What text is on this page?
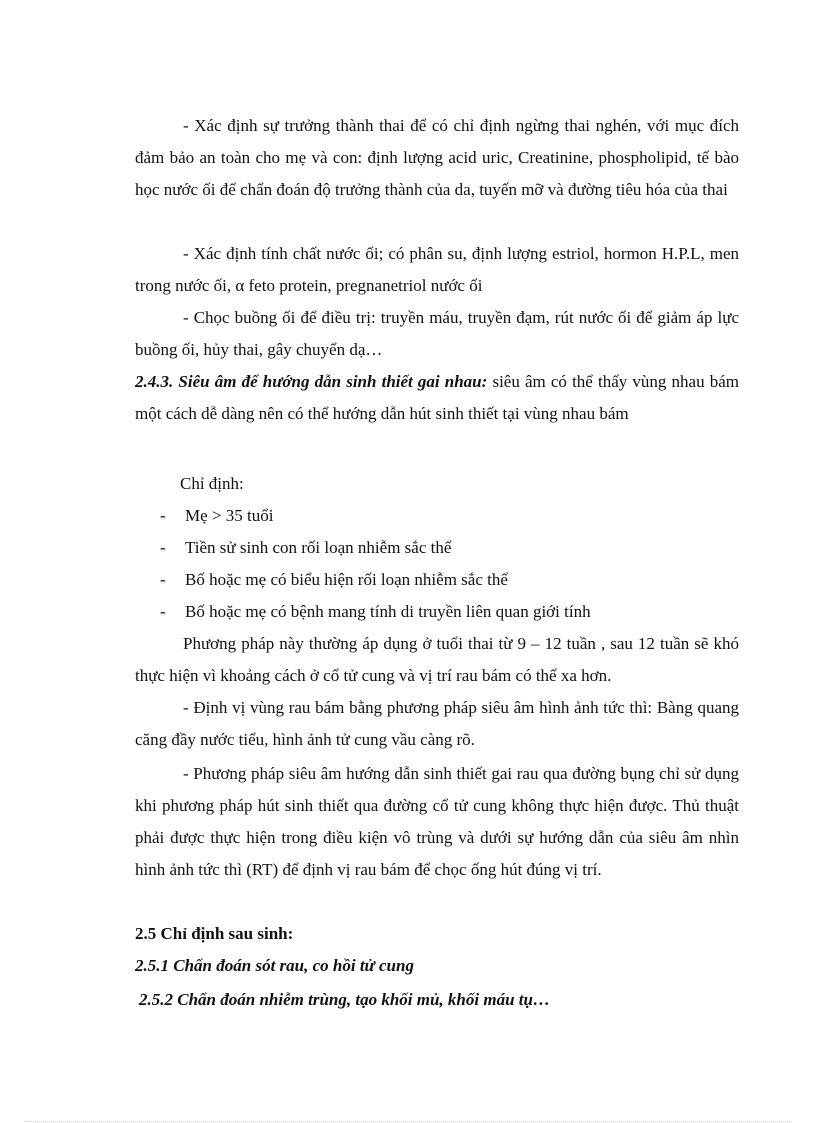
- Xác định sự trưởng thành thai để có chỉ định ngừng thai nghén, với mục đích đảm bảo an toàn cho mẹ và con: định lượng acid uric, Creatinine, phospholipid, tế bào học nước ối để chẩn đoán độ trưởng thành của da, tuyến mỡ và đường tiêu hóa của thai

- Xác định tính chất nước ối; có phân su, định lượng estriol, hormon H.P.L, men trong nước ối, α feto protein, pregnanetriol nước ối

- Chọc buồng ối để điều trị: truyền máu, truyền đạm, rút nước ối để giảm áp lực buồng ối, hủy thai, gây chuyển dạ…

2.4.3. Siêu âm để hướng dẫn sinh thiết gai nhau: siêu âm có thể thấy vùng nhau bám một cách dễ dàng nên có thể hướng dẫn hút sinh thiết tại vùng nhau bám

Chỉ định:

- Mẹ > 35 tuổi
- Tiền sử sinh con rối loạn nhiễm sắc thể
- Bố hoặc mẹ có biểu hiện rối loạn nhiễm sắc thể
- Bố hoặc mẹ có bệnh mang tính di truyền liên quan giới tính

Phương pháp này thường áp dụng ở tuổi thai từ 9 – 12 tuần , sau 12 tuần sẽ khó thực hiện vì khoảng cách ở cổ tử cung và vị trí rau bám có thể xa hơn.

- Định vị vùng rau bám bằng phương pháp siêu âm hình ảnh tức thì: Bàng quang căng đầy nước tiểu, hình ảnh tử cung vầu càng rõ.

- Phương pháp siêu âm hướng dẫn sinh thiết gai rau qua đường bụng chỉ sử dụng khi phương pháp hút sinh thiết qua đường cổ tử cung không thực hiện được. Thủ thuật phải được thực hiện trong điều kiện vô trùng và dưới sự hướng dẫn của siêu âm nhìn hình ảnh tức thì (RT) để định vị rau bám để chọc ống hút đúng vị trí.

2.5 Chỉ định sau sinh:

2.5.1 Chẩn đoán sót rau, co hồi tử cung

2.5.2 Chẩn đoán nhiễm trùng, tạo khối mủ, khối máu tụ…
